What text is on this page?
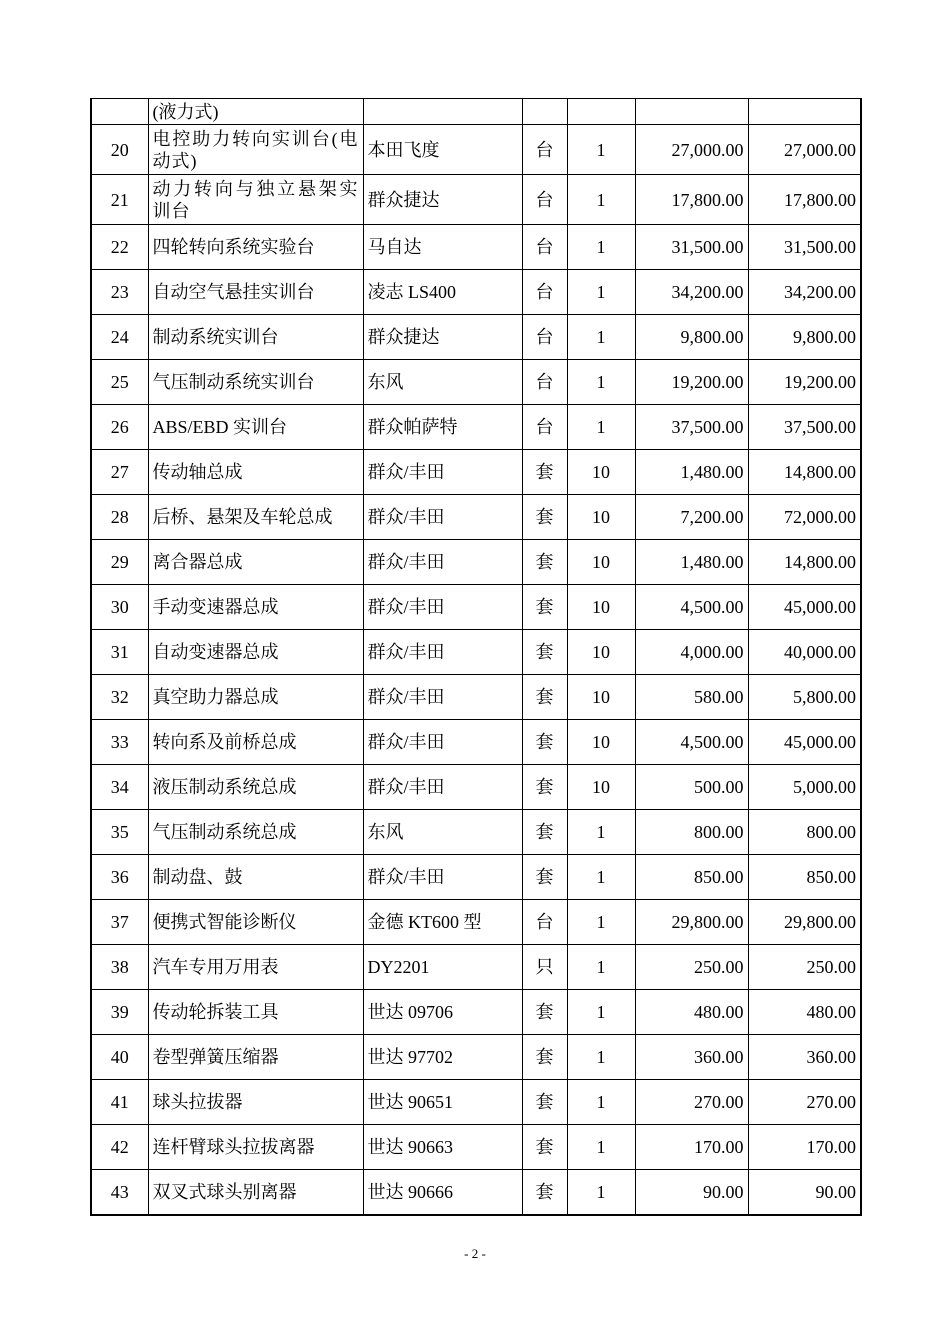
	(液力式)					

20	电控助力转向实训台(电动式)	本田飞度	台	1	27,000.00	27,000.00
21	动力转向与独立悬架实训台	群众捷达	台	1	17,800.00	17,800.00
22	四轮转向系统实验台	马自达	台	1	31,500.00	31,500.00
23	自动空气悬挂实训台	凌志 LS400	台	1	34,200.00	34,200.00
24	制动系统实训台	群众捷达	台	1	9,800.00	9,800.00
25	气压制动系统实训台	东风	台	1	19,200.00	19,200.00
26	ABS/EBD 实训台	群众帕萨特	台	1	37,500.00	37,500.00
27	传动轴总成	群众/丰田	套	10	1,480.00	14,800.00
28	后桥、悬架及车轮总成	群众/丰田	套	10	7,200.00	72,000.00
29	离合器总成	群众/丰田	套	10	1,480.00	14,800.00
30	手动变速器总成	群众/丰田	套	10	4,500.00	45,000.00
31	自动变速器总成	群众/丰田	套	10	4,000.00	40,000.00
32	真空助力器总成	群众/丰田	套	10	580.00	5,800.00
33	转向系及前桥总成	群众/丰田	套	10	4,500.00	45,000.00
34	液压制动系统总成	群众/丰田	套	10	500.00	5,000.00
35	气压制动系统总成	东风	套	1	800.00	800.00
36	制动盘、鼓	群众/丰田	套	1	850.00	850.00
37	便携式智能诊断仪	金德 KT600 型	台	1	29,800.00	29,800.00
38	汽车专用万用表	DY2201	只	1	250.00	250.00
39	传动轮拆装工具	世达 09706	套	1	480.00	480.00
40	卷型弹簧压缩器	世达 97702	套	1	360.00	360.00
41	球头拉拔器	世达 90651	套	1	270.00	270.00
42	连杆臂球头拉拔离器	世达 90663	套	1	170.00	170.00
43	双叉式球头别离器	世达 90666	套	1	90.00	90.00
- 2 -
